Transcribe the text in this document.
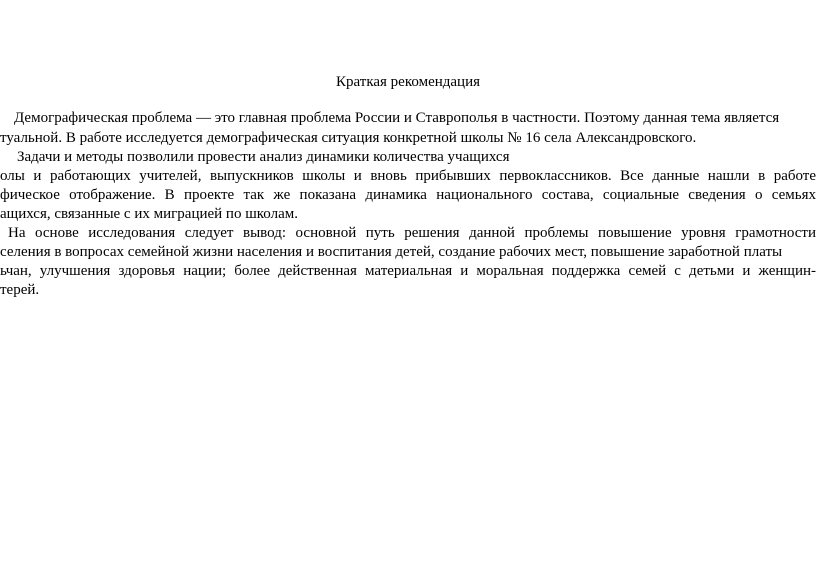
Краткая рекомендация
Демографическая проблема — это главная проблема России и Ставрополья в частности. Поэтому данная тема является
туальной. В работе исследуется демографическая ситуация конкретной школы № 16 села Александровского.
Задачи и методы позволили провести анализ динамики количества учащихся
олы и работающих учителей, выпускников школы и вновь прибывших первоклассников. Все данные нашли в работе
фическое отображение. В проекте так же показана динамика национального состава, социальные сведения о семьях
ащихся, связанные с их миграцией по школам.
На основе исследования следует вывод: основной путь решения данной проблемы повышение уровня грамотности
селения в вопросах семейной жизни населения и воспитания детей, создание рабочих мест, повышение заработной платы
ьчан, улучшения здоровья нации; более действенная материальная и моральная поддержка семей с детьми и женщин-
терей.
